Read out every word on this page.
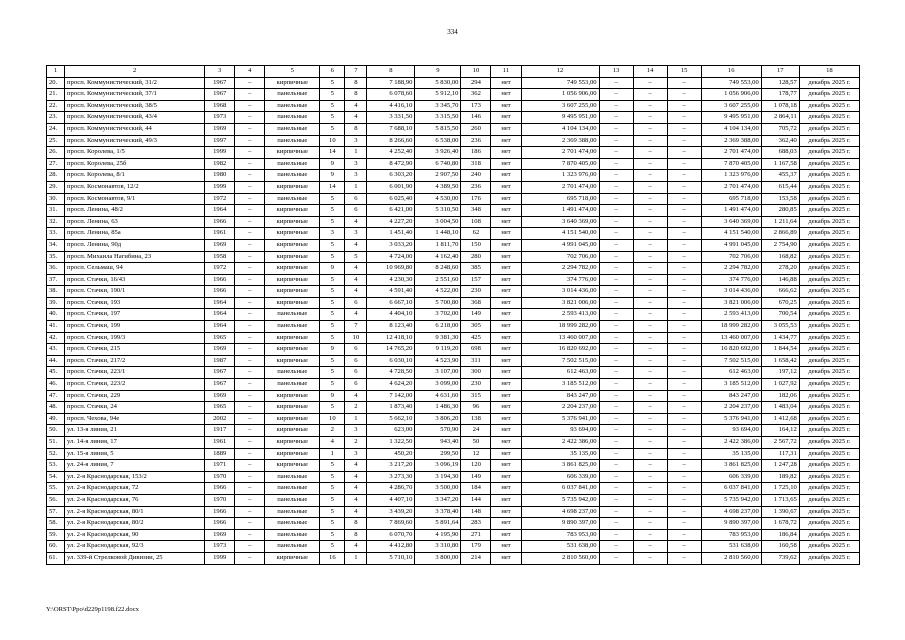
334
1	2	3	4	5	6	7	8	9	10	11	12	13	14	15	16	17	18
20.	просп. Коммунистический, 31/2	1967	–	кирпичные	5	8	7 188,90	5 830,00	294	нет	749 553,00	–	–	–	749 553,00	128,57	декабрь 2025 г.
21.	просп. Коммунистический, 37/1	1967	–	панельные	5	8	6 078,60	5 912,10	362	нет	1 056 906,00	–	–	–	1 056 906,00	178,77	декабрь 2025 г.
22.	просп. Коммунистический, 38/5	1968	–	панельные	5	4	4 416,10	3 345,70	173	нет	3 607 255,00	–	–	–	3 607 255,00	1 078,18	декабрь 2025 г.
23.	просп. Коммунистический, 43/4	1973	–	панельные	5	4	3 331,50	3 315,50	146	нет	9 495 951,00	–	–	–	9 495 951,00	2 864,11	декабрь 2025 г.
24.	просп. Коммунистический, 44	1969	–	панельные	5	8	7 688,10	5 815,50	260	нет	4 104 134,00	–	–	–	4 104 134,00	705,72	декабрь 2025 г.
25.	просп. Коммунистический, 49/3	1997	–	панельные	10	3	8 266,60	6 538,00	236	нет	2 369 388,00	–	–	–	2 369 388,00	362,40	декабрь 2025 г.
26.	просп. Королева, 1/5	1999	–	кирпичные	14	1	4 252,40	3 926,40	186	нет	2 701 474,00	–	–	–	2 701 474,00	688,03	декабрь 2025 г.
27.	просп. Королева, 25б	1982	–	панельные	9	3	8 472,90	6 740,80	318	нет	7 870 405,00	–	–	–	7 870 405,00	1 167,58	декабрь 2025 г.
28.	просп. Королева, 8/1	1980	–	панельные	9	3	6 303,20	2 907,50	240	нет	1 323 976,00	–	–	–	1 323 976,00	455,37	декабрь 2025 г.
29.	просп. Космонавтов, 12/2	1999	–	кирпичные	14	1	6 001,90	4 389,50	236	нет	2 701 474,00	–	–	–	2 701 474,00	615,44	декабрь 2025 г.
30.	просп. Космонавтов, 9/1	1972	–	панельные	5	6	6 025,40	4 530,00	176	нет	695 718,00	–	–	–	695 718,00	153,58	декабрь 2025 г.
31.	просп. Ленина, 48/2	1964	–	кирпичные	5	6	6 421,00	5 310,50	348	нет	1 491 474,00	–	–	–	1 491 474,00	280,85	декабрь 2025 г.
32.	просп. Ленина, 63	1966	–	кирпичные	5	4	4 227,20	3 004,50	108	нет	3 640 369,00	–	–	–	3 640 369,00	1 211,64	декабрь 2025 г.
33.	просп. Ленина, 85а	1961	–	кирпичные	3	3	1 451,40	1 448,10	62	нет	4 151 540,00	–	–	–	4 151 540,00	2 866,89	декабрь 2025 г.
34.	просп. Ленина, 90д	1969	–	кирпичные	5	4	3 033,20	1 811,70	150	нет	4 991 045,00	–	–	–	4 991 045,00	2 754,90	декабрь 2025 г.
35.	просп. Михаила Нагибина, 23	1958	–	кирпичные	5	5	4 724,00	4 162,40	280	нет	702 706,00	–	–	–	702 706,00	168,82	декабрь 2025 г.
36.	просп. Сельмаш, 94	1972	–	кирпичные	9	4	10 969,80	8 248,60	385	нет	2 294 782,00	–	–	–	2 294 782,00	278,20	декабрь 2025 г.
37.	просп. Стачки, 16/43	1966	–	кирпичные	5	4	4 230,30	2 551,60	157	нет	374 776,00	–	–	–	374 776,00	146,88	декабрь 2025 г.
38.	просп. Стачки, 190/1	1966	–	кирпичные	5	4	4 591,40	4 522,00	230	нет	3 014 436,00	–	–	–	3 014 436,00	666,62	декабрь 2025 г.
39.	просп. Стачки, 193	1964	–	кирпичные	5	6	6 667,10	5 700,80	368	нет	3 821 006,00	–	–	–	3 821 006,00	670,25	декабрь 2025 г.
40.	просп. Стачки, 197	1964	–	панельные	5	4	4 404,10	3 702,00	149	нет	2 593 413,00	–	–	–	2 593 413,00	700,54	декабрь 2025 г.
41.	просп. Стачки, 199	1964	–	панельные	5	7	8 123,40	6 218,00	305	нет	18 999 282,00	–	–	–	18 999 282,00	3 055,53	декабрь 2025 г.
42.	просп. Стачки, 199/3	1965	–	кирпичные	5	10	12 418,10	9 381,30	425	нет	13 460 007,00	–	–	–	13 460 007,00	1 434,77	декабрь 2025 г.
43.	просп. Стачки, 215	1969	–	кирпичные	9	6	14 765,20	9 119,20	698	нет	16 820 692,00	–	–	–	16 820 692,00	1 844,54	декабрь 2025 г.
44.	просп. Стачки, 217/2	1987	–	кирпичные	5	6	6 030,10	4 523,90	311	нет	7 502 515,00	–	–	–	7 502 515,00	1 658,42	декабрь 2025 г.
45.	просп. Стачки, 223/1	1967	–	панельные	5	6	4 728,50	3 107,00	300	нет	612 463,00	–	–	–	612 463,00	197,12	декабрь 2025 г.
46.	просп. Стачки, 223/2	1967	–	панельные	5	6	4 624,20	3 099,00	230	нет	3 185 512,00	–	–	–	3 185 512,00	1 027,92	декабрь 2025 г.
47.	просп. Стачки, 229	1969	–	кирпичные	9	4	7 142,00	4 631,60	315	нет	843 247,00	–	–	–	843 247,00	182,06	декабрь 2025 г.
48.	просп. Стачки, 24	1965	–	кирпичные	5	2	1 873,40	1 486,30	96	нет	2 204 237,00	–	–	–	2 204 237,00	1 483,04	декабрь 2025 г.
49.	просп. Чехова, 94е	2002	–	кирпичные	10	1	5 662,10	3 806,20	138	нет	5 376 941,00	–	–	–	5 376 941,00	1 412,68	декабрь 2025 г.
50.	ул. 13-я линия, 21	1917	–	кирпичные	2	3	623,00	570,90	24	нет	93 694,00	–	–	–	93 694,00	164,12	декабрь 2025 г.
51.	ул. 14-я линия, 17	1961	–	кирпичные	4	2	1 322,50	943,40	50	нет	2 422 386,00	–	–	–	2 422 386,00	2 567,72	декабрь 2025 г.
52.	ул. 15-я линия, 5	1889	–	кирпичные	1	3	450,20	299,50	12	нет	35 135,00	–	–	–	35 135,00	117,31	декабрь 2025 г.
53.	ул. 24-я линия, 7	1971	–	кирпичные	5	4	3 217,20	3 096,19	120	нет	3 861 825,00	–	–	–	3 861 825,00	1 247,28	декабрь 2025 г.
54.	ул. 2-я Краснодарская, 153/2	1970	–	панельные	5	4	3 273,30	3 194,30	149	нет	606 339,00	–	–	–	606 339,00	189,82	декабрь 2025 г.
55.	ул. 2-я Краснодарская, 72	1966	–	панельные	5	4	4 286,70	3 500,00	184	нет	6 037 841,00	–	–	–	6 037 841,00	1 725,10	декабрь 2025 г.
56.	ул. 2-я Краснодарская, 76	1970	–	панельные	5	4	4 407,10	3 347,20	144	нет	5 735 942,00	–	–	–	5 735 942,00	1 713,65	декабрь 2025 г.
57.	ул. 2-я Краснодарская, 80/1	1966	–	панельные	5	4	3 439,20	3 378,40	148	нет	4 698 237,00	–	–	–	4 698 237,00	1 390,67	декабрь 2025 г.
58.	ул. 2-я Краснодарская, 80/2	1966	–	панельные	5	8	7 869,60	5 891,64	283	нет	9 890 397,00	–	–	–	9 890 397,00	1 678,72	декабрь 2025 г.
59.	ул. 2-я Краснодарская, 90	1969	–	панельные	5	8	6 070,70	4 195,90	271	нет	783 953,00	–	–	–	783 953,00	186,84	декабрь 2025 г.
60.	ул. 2-я Краснодарская, 92/3	1973	–	панельные	5	4	4 412,80	3 310,80	179	нет	531 638,00	–	–	–	531 638,00	160,58	декабрь 2025 г.
61.	ул. 339-й Стрелковой Дивизии, 25	1999	–	кирпичные	16	1	5 710,10	3 800,00	214	нет	2 810 560,00	–	–	–	2 810 560,00	739,62	декабрь 2025 г.
Y:\ORST\Ppo\d229p1198.f22.docx
